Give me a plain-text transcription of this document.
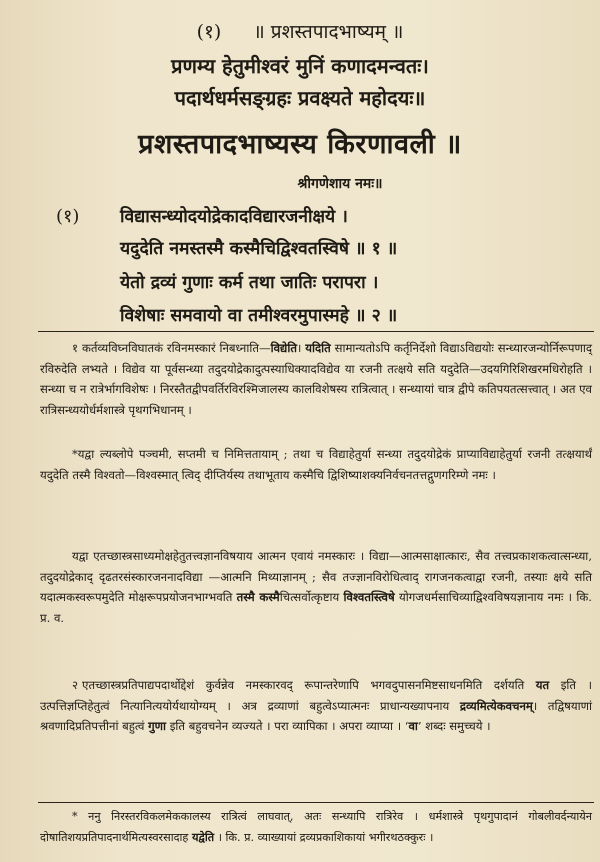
(१) ॥ प्रशस्तपादभाष्यम् ॥
प्रणम्य हेतुमीश्वरं मुनिं कणादमन्वतः।
पदार्थधर्मसङ्ग्रहः प्रवक्ष्यते महोदयः॥
प्रशस्तपादभाष्यस्य किरणावली ॥
श्रीगणेशाय नमः॥
(१) विद्यासन्ध्योदयोद्रेकादविद्यारजनीक्षये ।
यदुदेति नमस्तस्मै कस्मैचिद्विश्वतस्विषे ॥ १ ॥
येतो द्रव्यं गुणाः कर्म तथा जातिः परापरा ।
विशेषाः समवायो वा तमीश्वरमुपास्महे ॥ २ ॥

१ कर्तव्यविघ्नविघातकं रविनमस्कारं निबध्नाति—विद्येति। यदिति सामान्यतोऽपि कर्तृनिर्देशो विद्याऽविद्ययोः सन्ध्यारजन्योर्निरूपणाद् रविरुदेति लभ्यते । विद्येव या पूर्वसन्ध्या तदुदयोद्रेकादुत्पस्याधिक्यादविद्येव या रजनी तत्क्षये सति यदुदेति—उदयगिरिशिखरमधिरोहति । सन्ध्या च न रात्रेर्भागविशेषः । निरस्तैतद्वीपवर्तिरविरश्मिजालस्य कालविशेषस्य रात्रित्वात् । सन्ध्यायां चात्र द्वीपे कतिपयतत्सत्त्वात् । अत एव रात्रिसन्ध्ययोर्धर्मशास्त्रे पृथगभिधानम् ।

*यद्वा ल्यब्लोपे पञ्चमी, सप्तमी च निमित्ततायाम् ; तथा च विद्याहेतुर्या सन्ध्या तदुदयोद्रेकं प्राप्याविद्याहेतुर्या रजनी तत्क्षयार्थं यदुदेति तस्मै विश्वतो—विश्वस्मात् त्विद् दीप्तिर्यस्य तथाभूताय कस्मैचि द्विशिष्याशक्यनिर्वचनतत्तद्गुणगरिम्णे नमः ।

यद्वा एतच्छास्त्रसाध्यमोक्षहेतुतत्त्वज्ञानविषयाय आत्मन एवायं नमस्कारः । विद्या—आत्मसाक्षात्कारः, सैव तत्त्वप्रकाशकत्वात्सन्ध्या, तदुदयोद्रेकाद् दृढतरसंस्कारजननादविद्या —आत्मनि मिथ्याज्ञानम् ; सैव तज्ज्ञानविरोधित्वाद् रागजनकत्वाद्वा रजनी, तस्याः क्षये सति यदात्मकस्वरूपमुदेति मोक्षरूपप्रयोजनभाग्भवति तस्मै कस्मैचित्सर्वोत्कृष्टाय विश्वतस्त्विषे योगजधर्मसाचिव्याद्विश्वविषयज्ञानाय नमः । कि. प्र. व.

२ एतच्छास्त्रप्रतिपाद्यपदार्थोद्देशं कुर्वन्नेव नमस्कारवद् रूपान्तरेणापि भगवदुपासनमिष्टसाधनमिति दर्शयति यत इति । उत्पत्तिज्ञप्तिहेतुत्वं नित्यानित्ययोर्यथायोग्यम् । अत्र द्रव्याणां बहुत्वेऽप्यात्मनः प्राधान्यख्यापनाय द्रव्यमित्येकवचनम्। तद्विषयाणां श्रवणादिप्रतिपत्तीनां बहुत्वं गुणा इति बहुवचनेन व्यज्यते । परा व्यापिका । अपरा व्याप्या । ‘वा’ शब्दः समुच्चये ।

* ननु निरस्तरविकलमेककालस्य रात्रित्वं लाघवात्, अतः सन्ध्यापि रात्रिरेव । धर्मशास्त्रे पृथगुपादानं गोबलीवर्दन्यायेन दोषातिशयप्रतिपादनार्थमित्यस्वरसादाह यद्वेति । कि. प्र. व्याख्यायां द्रव्यप्रकाशिकायां भगीरथठक्कुरः ।
